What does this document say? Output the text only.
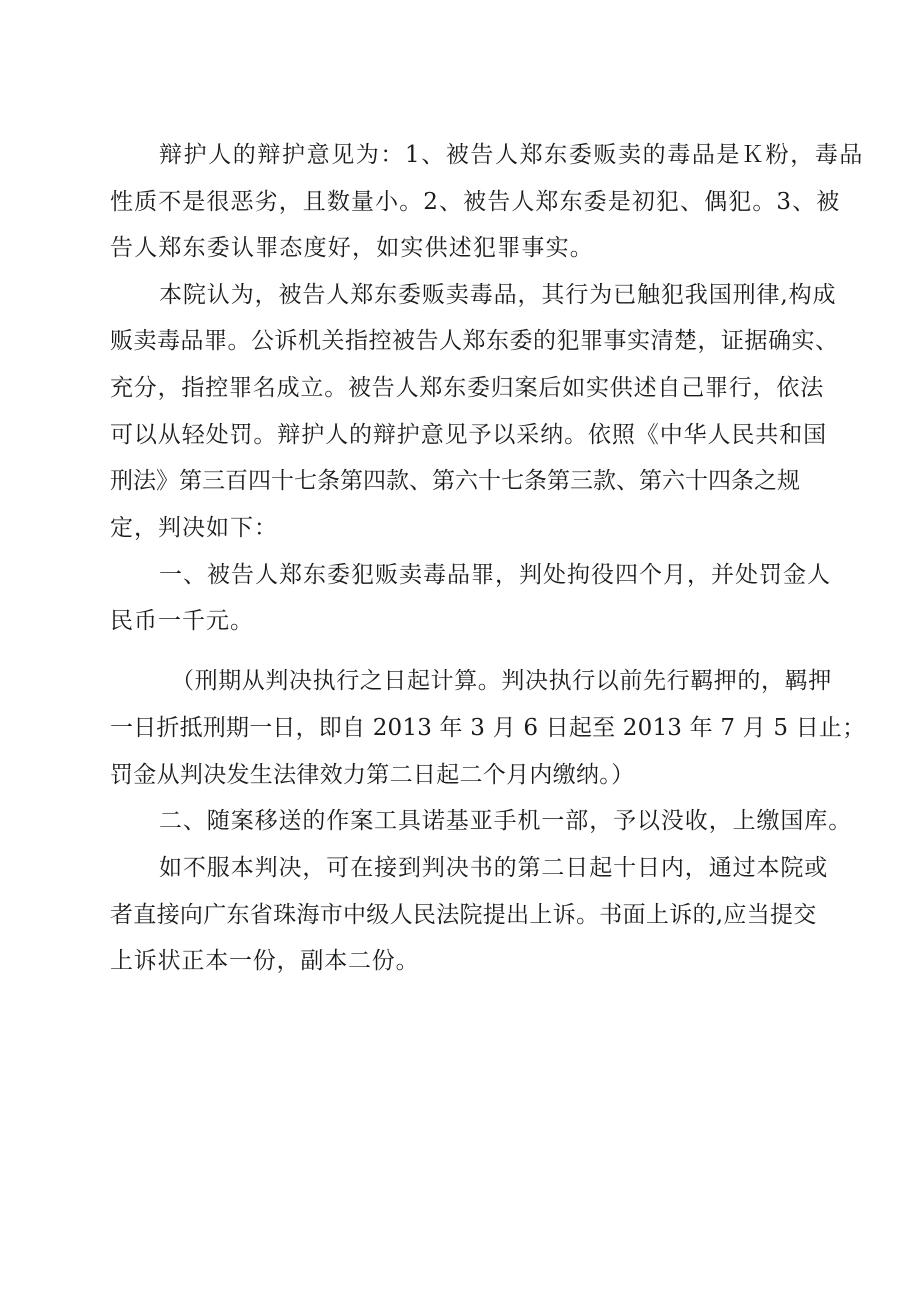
辩护人的辩护意见为：1、被告人郑东委贩卖的毒品是Ｋ粉，毒品

性质不是很恶劣，且数量小。2、被告人郑东委是初犯、偶犯。3、被

告人郑东委认罪态度好，如实供述犯罪事实。

本院认为，被告人郑东委贩卖毒品，其行为已触犯我国刑律,构成

贩卖毒品罪。公诉机关指控被告人郑东委的犯罪事实清楚，证据确实、

充分，指控罪名成立。被告人郑东委归案后如实供述自己罪行，依法

可以从轻处罚。辩护人的辩护意见予以采纳。依照《中华人民共和国

刑法》第三百四十七条第四款、第六十七条第三款、第六十四条之规

定，判决如下：

一、被告人郑东委犯贩卖毒品罪，判处拘役四个月，并处罚金人

民币一千元。

（刑期从判决执行之日起计算。判决执行以前先行羁押的，羁押

一日折抵刑期一日，即自 2013 年 3 月 6 日起至 2013 年 7 月 5 日止；

罚金从判决发生法律效力第二日起二个月内缴纳。）

二、随案移送的作案工具诺基亚手机一部，予以没收，上缴国库。

如不服本判决，可在接到判决书的第二日起十日内，通过本院或

者直接向广东省珠海市中级人民法院提出上诉。书面上诉的,应当提交

上诉状正本一份，副本二份。
